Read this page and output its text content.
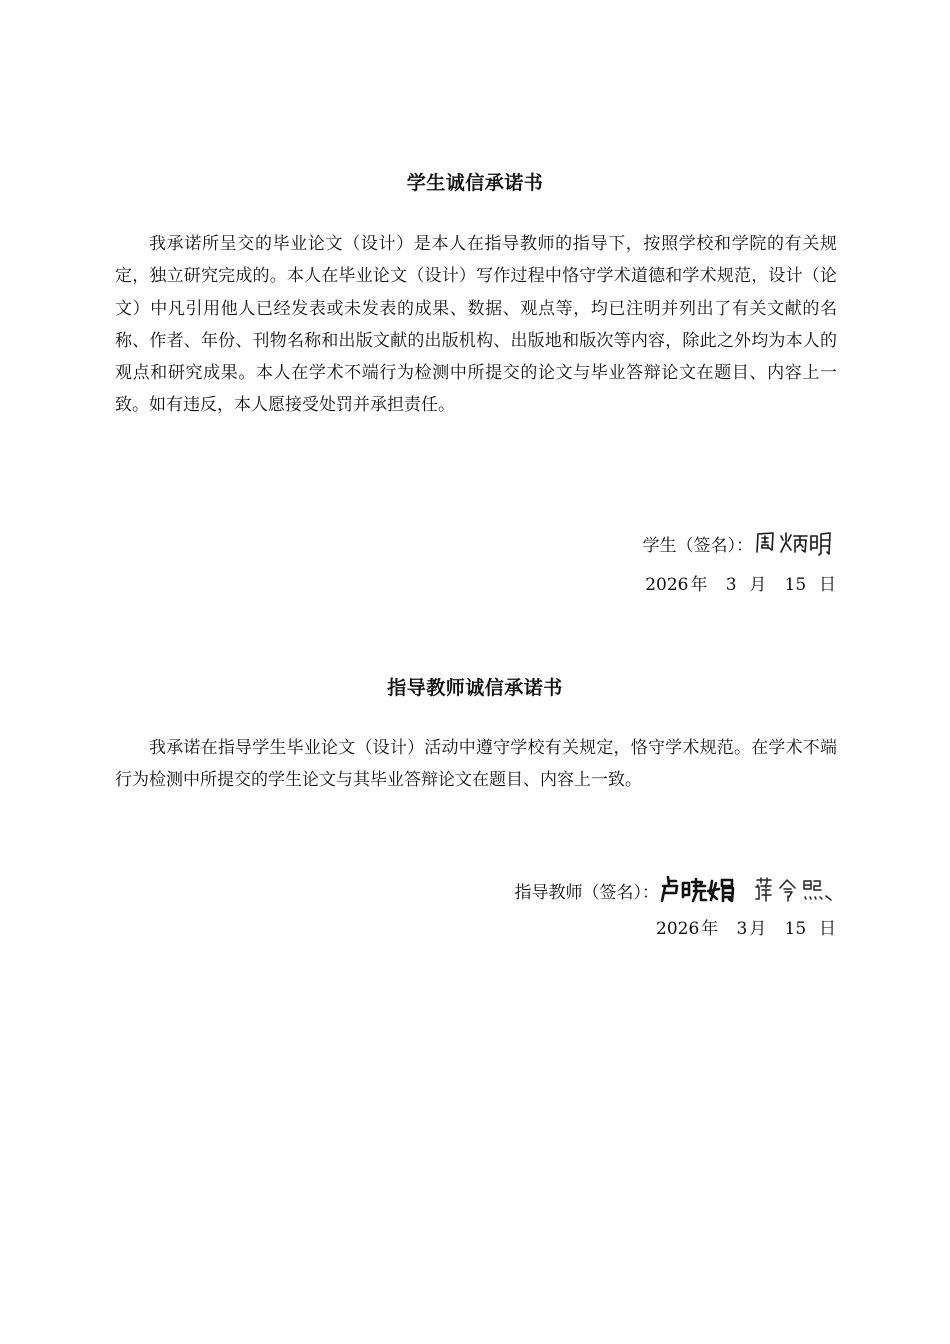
学生诚信承诺书

我承诺所呈交的毕业论文（设计）是本人在指导教师的指导下，按照学校和学院的有关规定，独立研究完成的。本人在毕业论文（设计）写作过程中恪守学术道德和学术规范，设计（论文）中凡引用他人已经发表或未发表的成果、数据、观点等，均已注明并列出了有关文献的名称、作者、年份、刊物名称和出版文献的出版机构、出版地和版次等内容，除此之外均为本人的观点和研究成果。本人在学术不端行为检测中所提交的论文与毕业答辩论文在题目、内容上一致。如有违反，本人愿接受处罚并承担责任。

学生（签名）：
2026 年 3 月 15 日
指导教师诚信承诺书

我承诺在指导学生毕业论文（设计）活动中遵守学校有关规定，恪守学术规范。在学术不端行为检测中所提交的学生论文与其毕业答辩论文在题目、内容上一致。

指导教师（签名）：
2026 年 3 月 15 日
